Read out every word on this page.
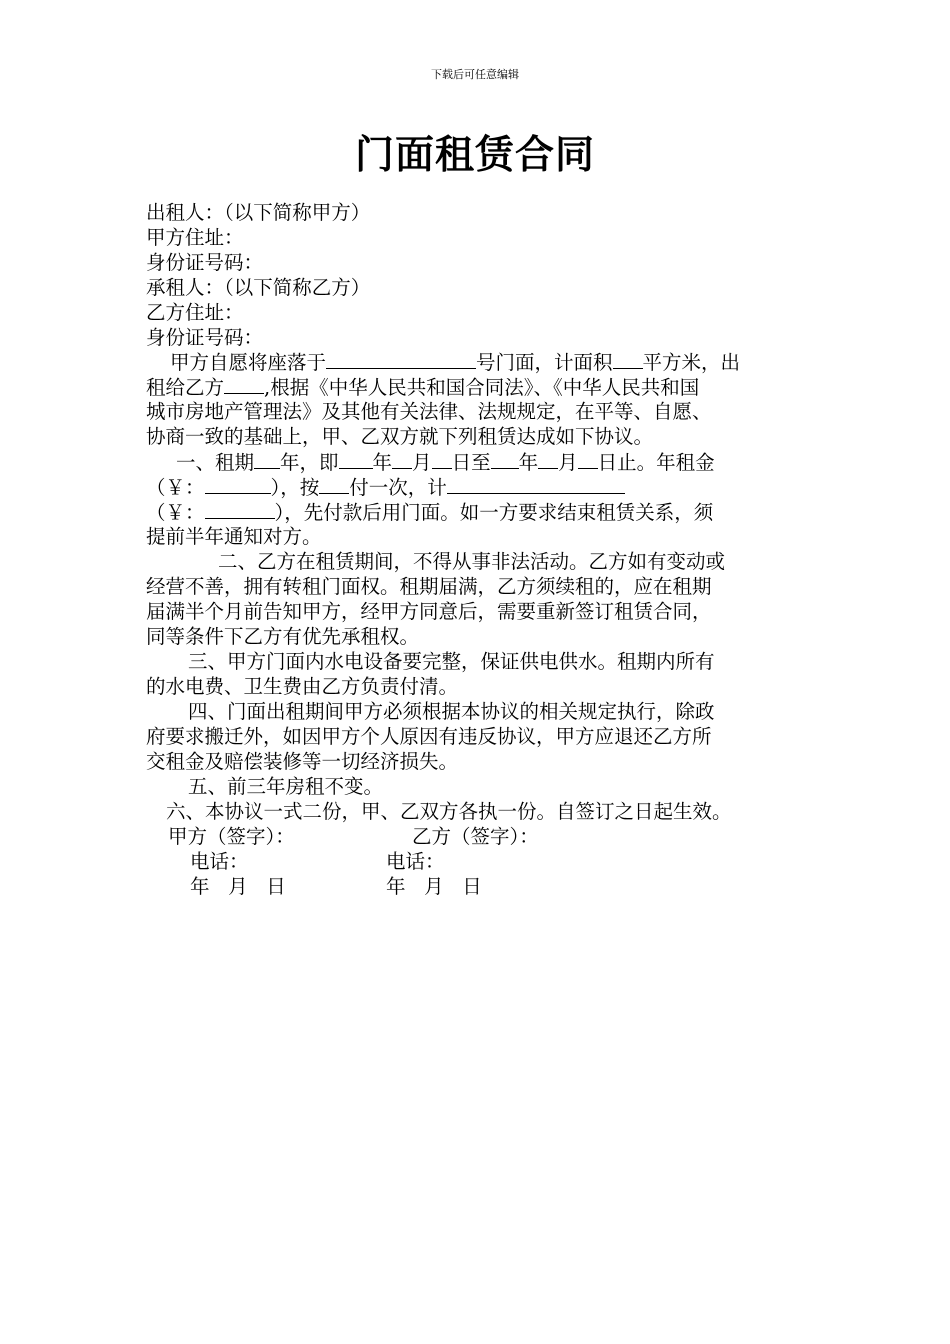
下载后可任意编辑
门面租赁合同
出租人：（以下简称甲方）
甲方住址：
身份证号码：
承租人：（以下简称乙方）
乙方住址：
身份证号码：
甲方自愿将座落于	号门面，计面积 平方米，出
租给乙方 ,根据《中华人民共和国合同法》、《中华人民共和国
城市房地产管理法》及其他有关法律、法规规定，在平等、自愿、
协商一致的基础上，甲、乙双方就下列租赁达成如下协议。
一、租期 年，即 年 月 日至 年 月 日止。年租金
（￥：	），按 付一次，计
（￥：	），先付款后用门面。如一方要求结束租赁关系，须
提前半年通知对方。
二、乙方在租赁期间，不得从事非法活动。乙方如有变动或
经营不善，拥有转租门面权。租期届满，乙方须续租的，应在租期
届满半个月前告知甲方，经甲方同意后，需要重新签订租赁合同，
同等条件下乙方有优先承租权。
三、甲方门面内水电设备要完整，保证供电供水。租期内所有
的水电费、卫生费由乙方负责付清。
四、门面出租期间甲方必须根据本协议的相关规定执行，除政
府要求搬迁外，如因甲方个人原因有违反协议，甲方应退还乙方所
交租金及赔偿装修等一切经济损失。
五、前三年房租不变。
六、本协议一式二份，甲、乙双方各执一份。自签订之日起生效。
甲方（签字）：	乙方（签字）：
电话：	电话：
年   月   日	年   月   日
